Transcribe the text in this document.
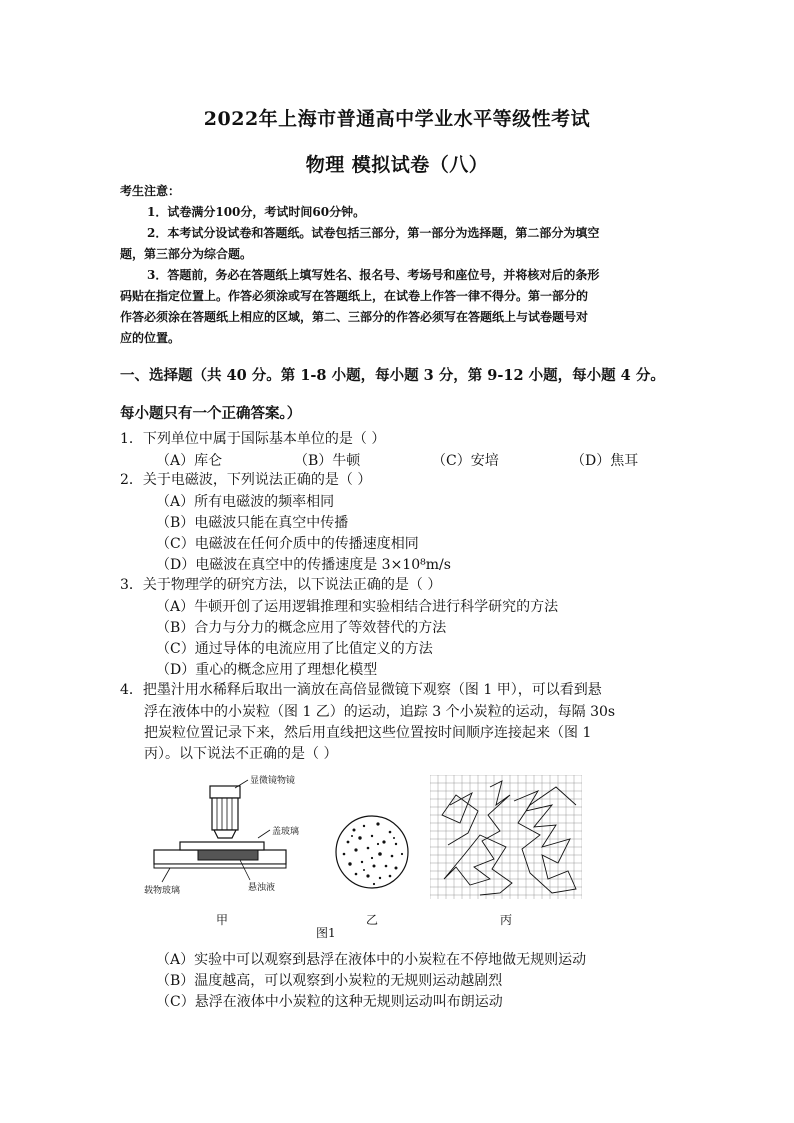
2022年上海市普通高中学业水平等级性考试
物理 模拟试卷（八）
考生注意：
1．试卷满分100分，考试时间60分钟。
2．本考试分设试卷和答题纸。试卷包括三部分，第一部分为选择题，第二部分为填空
题，第三部分为综合题。
3．答题前，务必在答题纸上填写姓名、报名号、考场号和座位号，并将核对后的条形
码贴在指定位置上。作答必须涂或写在答题纸上，在试卷上作答一律不得分。第一部分的
作答必须涂在答题纸上相应的区域，第二、三部分的作答必须写在答题纸上与试卷题号对
应的位置。
一、选择题（共 40 分。第 1-8 小题，每小题 3 分，第 9-12 小题，每小题 4 分。
每小题只有一个正确答案。）
1．下列单位中属于国际基本单位的是（ ）
（A）库仑	（B）牛顿	（C）安培	（D）焦耳
2．关于电磁波，下列说法正确的是（ ）
（A）所有电磁波的频率相同
（B）电磁波只能在真空中传播
（C）电磁波在任何介质中的传播速度相同
（D）电磁波在真空中的传播速度是 3×10⁸m/s
3．关于物理学的研究方法，以下说法正确的是（ ）
（A）牛顿开创了运用逻辑推理和实验相结合进行科学研究的方法
（B）合力与分力的概念应用了等效替代的方法
（C）通过导体的电流应用了比值定义的方法
（D）重心的概念应用了理想化模型
4．把墨汁用水稀释后取出一滴放在高倍显微镜下观察（图 1 甲），可以看到悬
浮在液体中的小炭粒（图 1 乙）的运动，追踪 3 个小炭粒的运动，每隔 30s
把炭粒位置记录下来，然后用直线把这些位置按时间顺序连接起来（图 1
丙）。以下说法不正确的是（ ）
显微镜物镜
盖玻璃
载物玻璃	悬浊液
甲	乙	丙
图1
（A）实验中可以观察到悬浮在液体中的小炭粒在不停地做无规则运动
（B）温度越高，可以观察到小炭粒的无规则运动越剧烈
（C）悬浮在液体中小炭粒的这种无规则运动叫布朗运动
